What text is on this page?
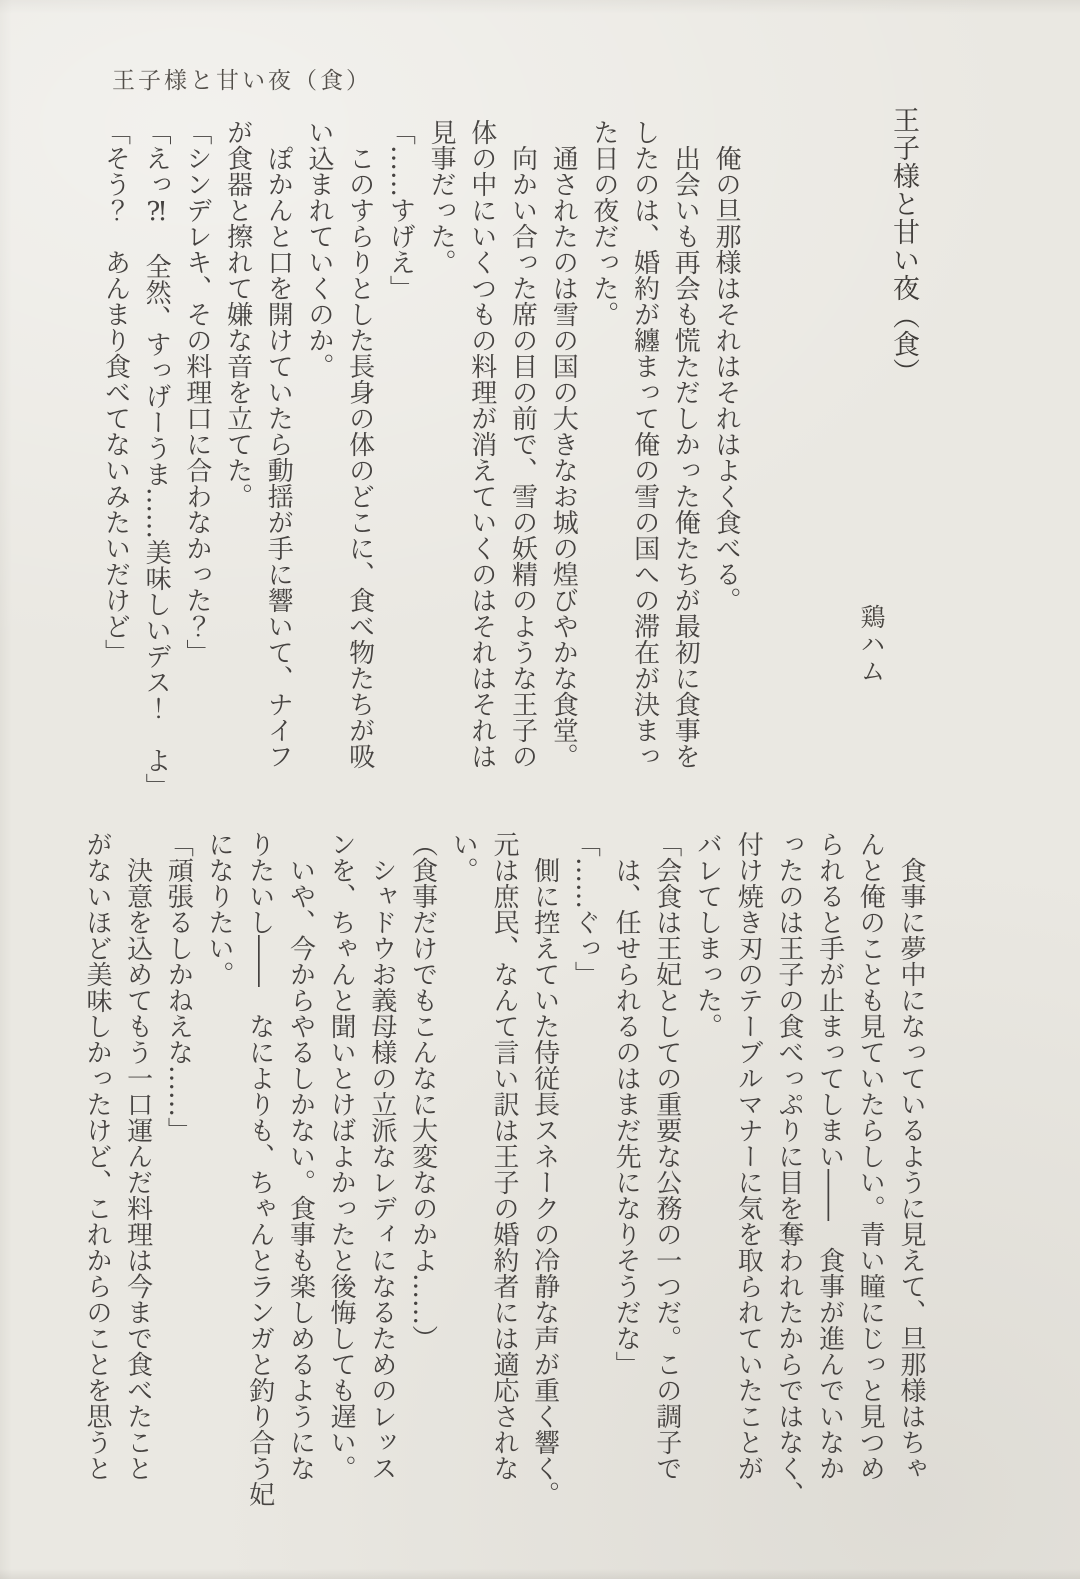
王子様と甘い夜（食）
王子様と甘い夜（食）
鶏ハム
俺の旦那様はそれはそれはよく食べる。
出会いも再会も慌ただしかった俺たちが最初に食事を
したのは、婚約が纏まって俺の雪の国への滞在が決まっ
た日の夜だった。
通されたのは雪の国の大きなお城の煌びやかな食堂。
向かい合った席の目の前で、雪の妖精のような王子の
体の中にいくつもの料理が消えていくのはそれはそれは
見事だった。
「……すげえ」
このすらりとした長身の体のどこに、食べ物たちが吸
い込まれていくのか。
ぽかんと口を開けていたら動揺が手に響いて、ナイフ
が食器と擦れて嫌な音を立てた。
「シンデレキ、その料理口に合わなかった？」
「えっ⁈　全然、すっげーうま……美味しいデス！　よ」
「そう？　あんまり食べてないみたいだけど」
食事に夢中になっているように見えて、旦那様はちゃ
んと俺のことも見ていたらしい。青い瞳にじっと見つめ
られると手が止まってしまい――　食事が進んでいなか
ったのは王子の食べっぷりに目を奪われたからではなく、
付け焼き刃のテーブルマナーに気を取られていたことが
バレてしまった。
「会食は王妃としての重要な公務の一つだ。この調子で
は、任せられるのはまだ先になりそうだな」
「……ぐっ」
側に控えていた侍従長スネークの冷静な声が重く響く。
元は庶民、なんて言い訳は王子の婚約者には適応されな
い。
（食事だけでもこんなに大変なのかよ……）
シャドウお義母様の立派なレディになるためのレッス
ンを、ちゃんと聞いとけばよかったと後悔しても遅い。
いや、今からやるしかない。食事も楽しめるようにな
りたいし――　なによりも、ちゃんとランガと釣り合う妃
になりたい。
「頑張るしかねえな……」
決意を込めてもう一口運んだ料理は今まで食べたこと
がないほど美味しかったけど、これからのことを思うと
